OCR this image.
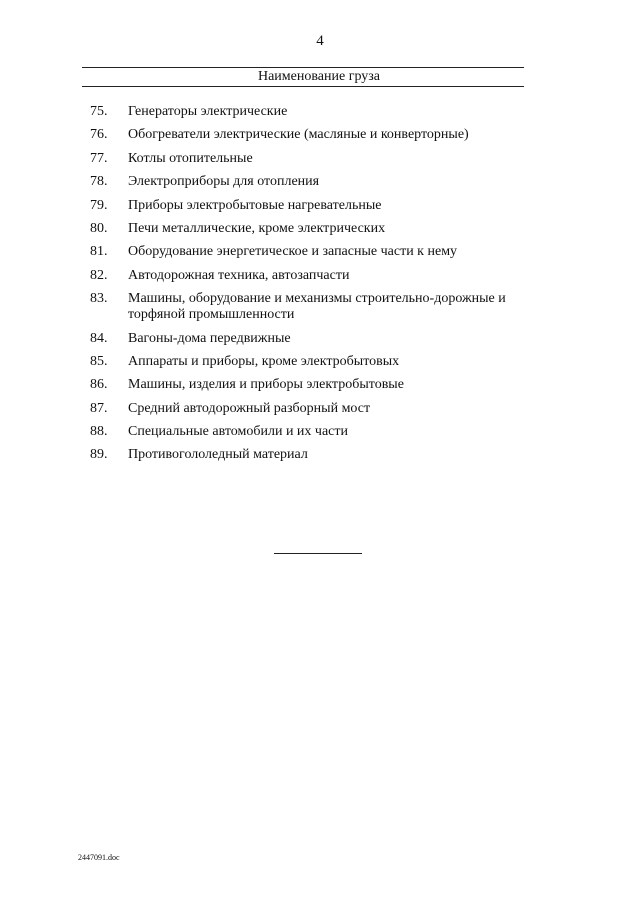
4
Наименование груза
75.	Генераторы электрические
76.	Обогреватели электрические (масляные и конверторные)
77.	Котлы отопительные
78.	Электроприборы для отопления
79.	Приборы электробытовые нагревательные
80.	Печи металлические, кроме электрических
81.	Оборудование энергетическое и запасные части к нему
82.	Автодорожная техника, автозапчасти
83.	Машины, оборудование и механизмы строительно-дорожные и торфяной промышленности
84.	Вагоны-дома передвижные
85.	Аппараты и приборы, кроме электробытовых
86.	Машины, изделия и приборы электробытовые
87.	Средний автодорожный разборный мост
88.	Специальные автомобили и их части
89.	Противогололедный материал
2447091.doc
